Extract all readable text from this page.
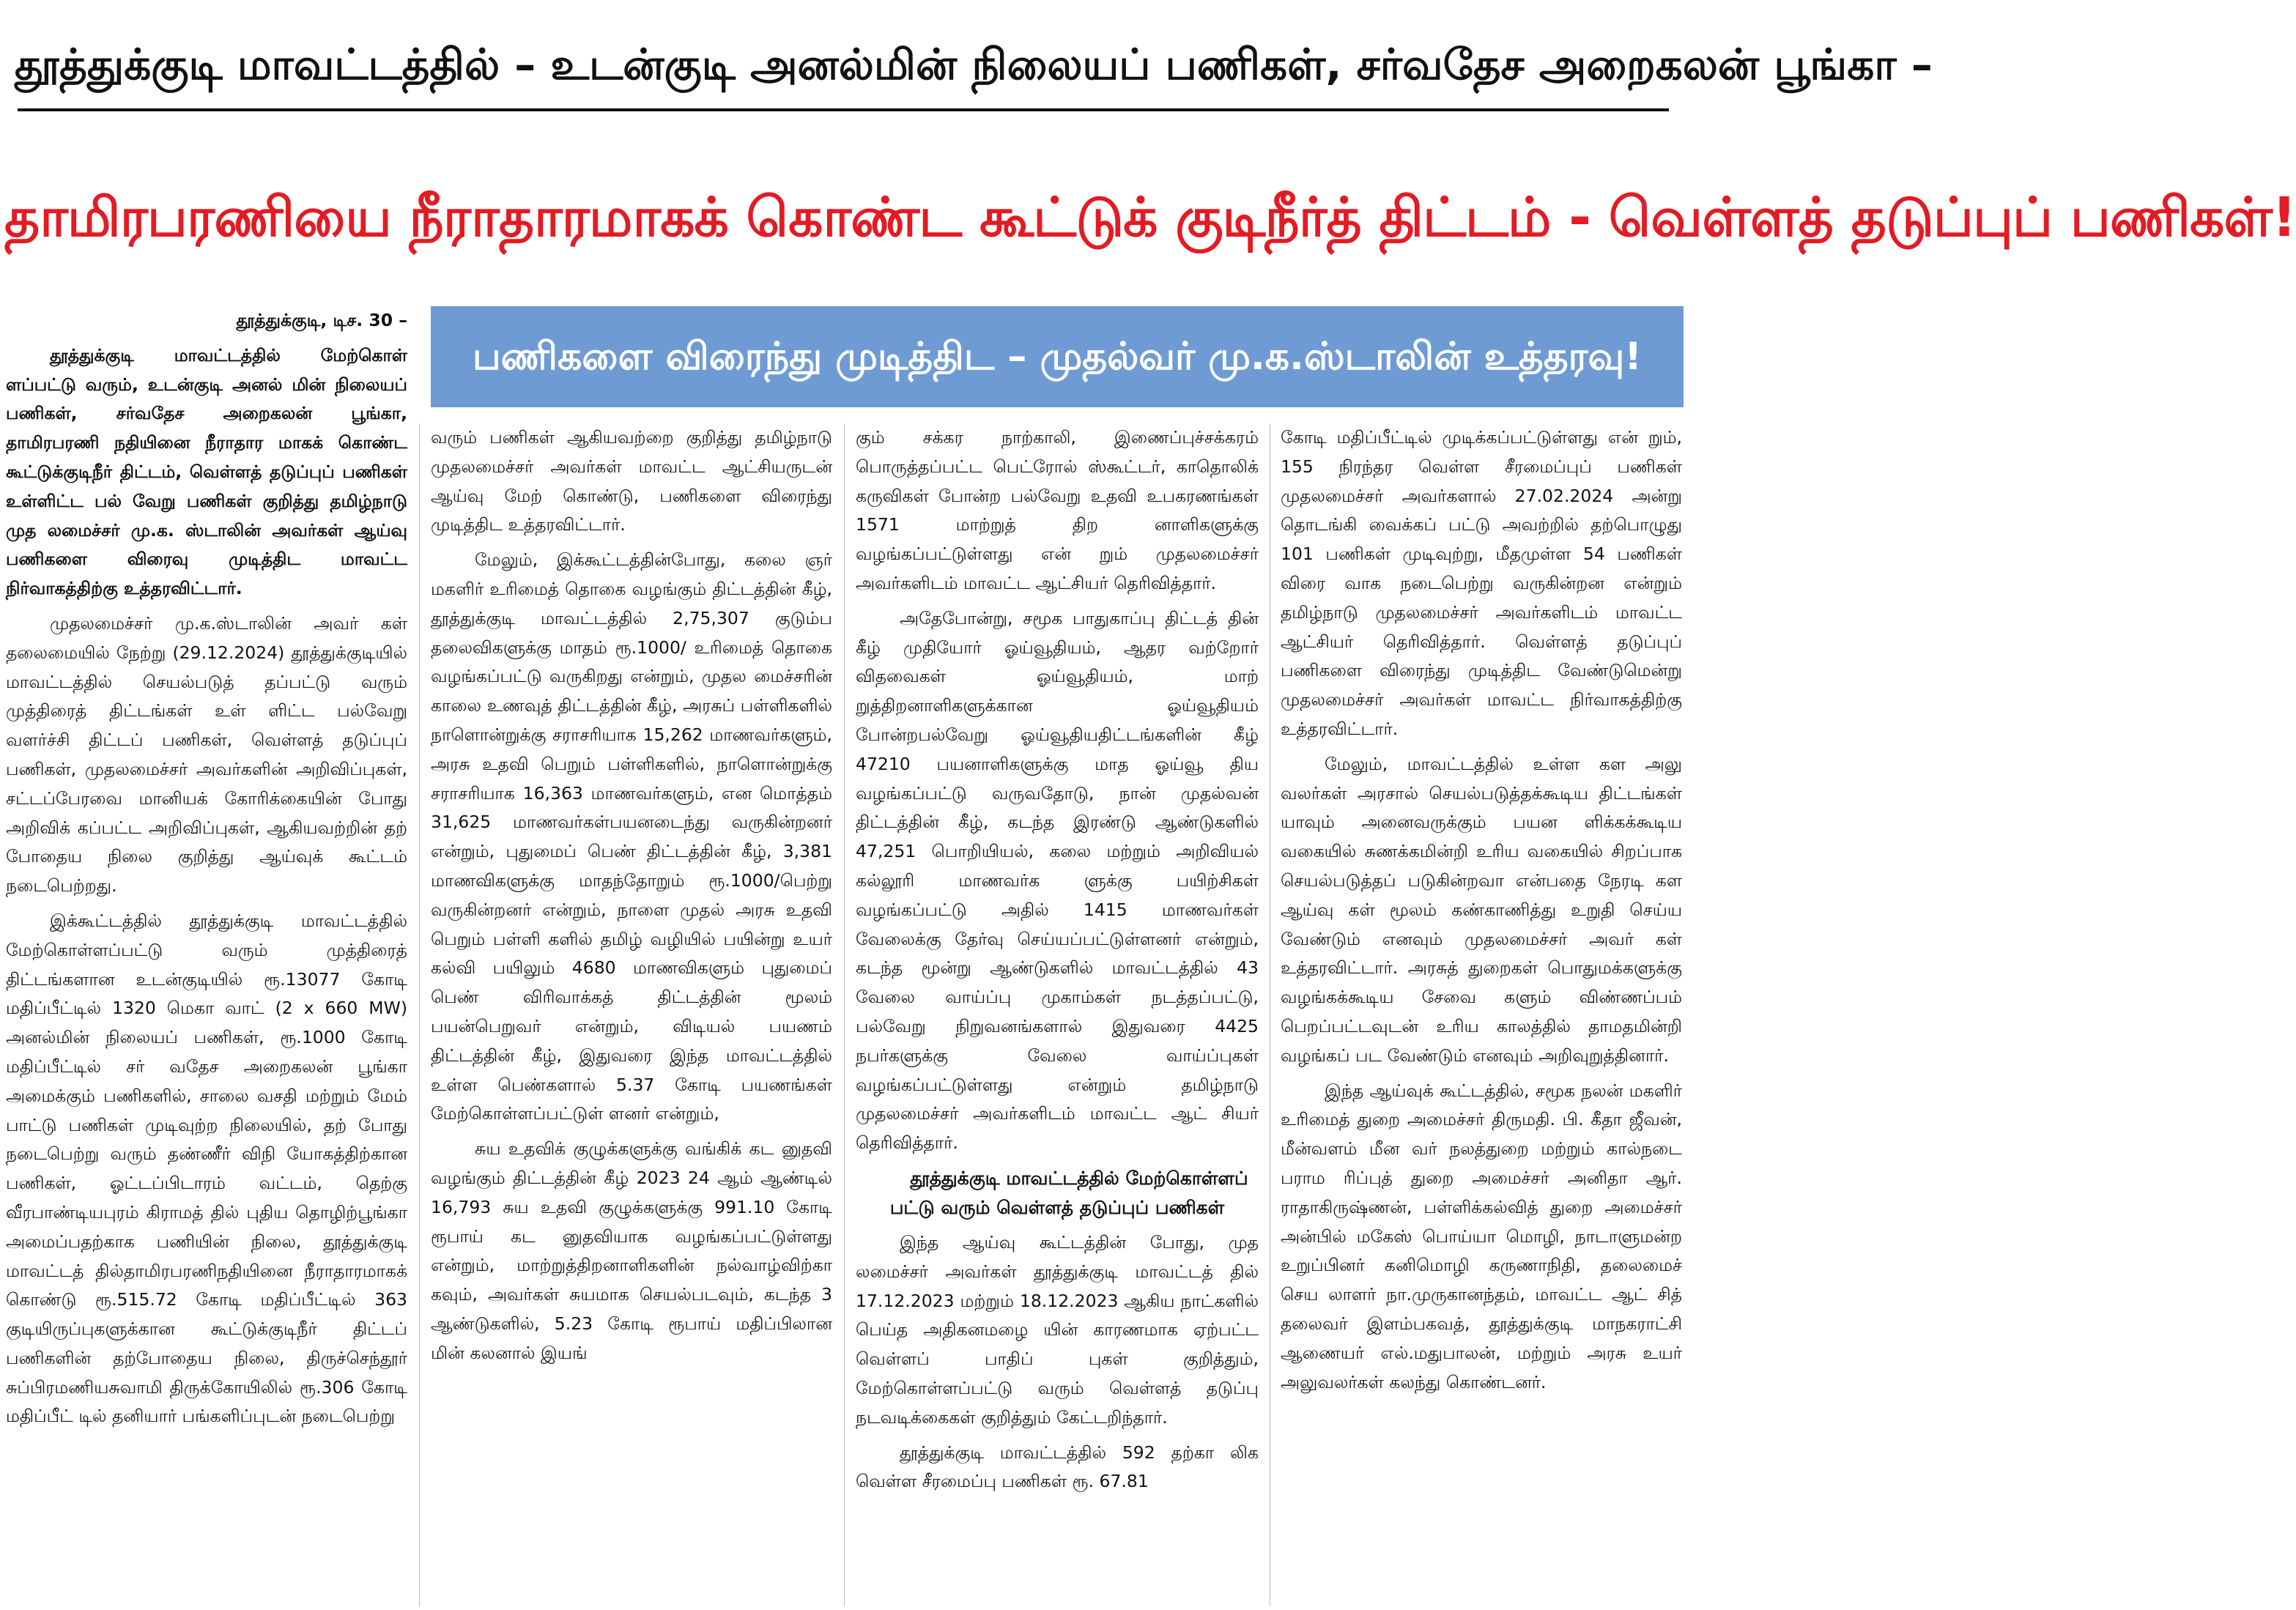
தூத்துக்குடி மாவட்டத்தில் – உடன்குடி அனல்மின் நிலையப் பணிகள், சர்வதேச அறைகலன் பூங்கா –
தாமிரபரணியை நீராதாரமாகக் கொண்ட கூட்டுக் குடிநீர்த் திட்டம் - வெள்ளத் தடுப்புப் பணிகள்!
பணிகளை விரைந்து முடித்திட – முதல்வர் மு.க.ஸ்டாலின் உத்தரவு!

தூத்துக்குடி, டிச. 30 –

தூத்துக்குடி மாவட்டத்தில் மேற்கொள் ளப்பட்டு வரும், உடன்குடி அனல் மின் நிலையப் பணிகள், சர்வதேச அறைகலன் பூங்கா, தாமிரபரணி நதியினை நீராதார மாகக் கொண்ட கூட்டுக்குடிநீர் திட்டம், வெள்ளத் தடுப்புப் பணிகள் உள்ளிட்ட பல் வேறு பணிகள் குறித்து தமிழ்நாடு முத லமைச்சர் மு.க. ஸ்டாலின் அவர்கள் ஆய்வு பணிகளை விரைவு முடித்திட மாவட்ட நிர்வாகத்திற்கு உத்தரவிட்டார்.

முதலமைச்சர் மு.க.ஸ்டாலின் அவர் கள் தலைமையில் நேற்று (29.12.2024) தூத்துக்குடியில் மாவட்டத்தில் செயல்படுத் தப்பட்டு வரும் முத்திரைத் திட்டங்கள் உள் ளிட்ட பல்வேறு வளர்ச்சி திட்டப் பணிகள், வெள்ளத் தடுப்புப் பணிகள், முதலமைச்சர் அவர்களின் அறிவிப்புகள், சட்டப்பேரவை மானியக் கோரிக்கையின் போது அறிவிக் கப்பட்ட அறிவிப்புகள், ஆகியவற்றின் தற் போதைய நிலை குறித்து ஆய்வுக் கூட்டம் நடைபெற்றது.

இக்கூட்டத்தில் தூத்துக்குடி மாவட்டத்தில் மேற்கொள்ளப்பட்டு வரும் முத்திரைத் திட்டங்களான உடன்குடியில் ரூ.13077 கோடி மதிப்பீட்டில் 1320 மெகா வாட் (2 x 660 MW) அனல்மின் நிலையப் பணிகள், ரூ.1000 கோடி மதிப்பீட்டில் சர் வதேச அறைகலன் பூங்கா அமைக்கும் பணிகளில், சாலை வசதி மற்றும் மேம் பாட்டு பணிகள் முடிவுற்ற நிலையில், தற் போது நடைபெற்று வரும் தண்ணீர் விநி யோகத்திற்கான பணிகள், ஓட்டப்பிடாரம் வட்டம், தெற்கு வீரபாண்டியபுரம் கிராமத் தில் புதிய தொழிற்பூங்கா அமைப்பதற்காக பணியின் நிலை, தூத்துக்குடி மாவட்டத் தில்தாமிரபரணிநதியினை நீராதாரமாகக் கொண்டு ரூ.515.72 கோடி மதிப்பீட்டில் 363 குடியிருப்புகளுக்கான கூட்டுக்குடிநீர் திட்டப் பணிகளின் தற்போதைய நிலை, திருச்செந்தூர் சுப்பிரமணியசுவாமி திருக்கோயிலில் ரூ.306 கோடி மதிப்பீட் டில் தனியார் பங்களிப்புடன் நடைபெற்று

வரும் பணிகள் ஆகியவற்றை குறித்து தமிழ்நாடு முதலமைச்சர் அவர்கள் மாவட்ட ஆட்சியருடன் ஆய்வு மேற் கொண்டு, பணிகளை விரைந்து முடித்திட உத்தரவிட்டார்.

மேலும், இக்கூட்டத்தின்போது, கலை ஞர் மகளிர் உரிமைத் தொகை வழங்கும் திட்டத்தின் கீழ், தூத்துக்குடி மாவட்டத்தில் 2,75,307 குடும்ப தலைவிகளுக்கு மாதம் ரூ.1000/ உரிமைத் தொகை வழங்கப்பட்டு வருகிறது என்றும், முதல மைச்சரின் காலை உணவுத் திட்டத்தின் கீழ், அரசுப் பள்ளிகளில் நாளொன்றுக்கு சராசரியாக 15,262 மாணவர்களும், அரசு உதவி பெறும் பள்ளிகளில், நாளொன்றுக்கு சராசரியாக 16,363 மாணவர்களும், என மொத்தம் 31,625 மாணவர்கள்பயனடைந்து வருகின்றனர் என்றும், புதுமைப் பெண் திட்டத்தின் கீழ், 3,381 மாணவிகளுக்கு மாதந்தோறும் ரூ.1000/பெற்று வருகின்றனர் என்றும், நாளை முதல் அரசு உதவி பெறும் பள்ளி களில் தமிழ் வழியில் பயின்று உயர் கல்வி பயிலும் 4680 மாணவிகளும் புதுமைப் பெண் விரிவாக்கத் திட்டத்தின் மூலம் பயன்பெறுவர் என்றும், விடியல் பயணம் திட்டத்தின் கீழ், இதுவரை இந்த மாவட்டத்தில் உள்ள பெண்களால் 5.37 கோடி பயணங்கள் மேற்கொள்ளப்பட்டுள் ளனர் என்றும்,

சுய உதவிக் குழுக்களுக்கு வங்கிக் கட னுதவி வழங்கும் திட்டத்தின் கீழ் 2023 24 ஆம் ஆண்டில் 16,793 சுய உதவி குழுக்களுக்கு 991.10 கோடி ரூபாய் கட னுதவியாக வழங்கப்பட்டுள்ளது என்றும், மாற்றுத்திறனாளிகளின் நல்வாழ்விற்கா கவும், அவர்கள் சுயமாக செயல்படவும், கடந்த 3 ஆண்டுகளில், 5.23 கோடி ரூபாய் மதிப்பிலான மின் கலனால் இயங்

கும் சக்கர நாற்காலி, இணைப்புச்சக்கரம் பொருத்தப்பட்ட பெட்ரோல் ஸ்கூட்டர், காதொலிக் கருவிகள் போன்ற பல்வேறு உதவி உபகரணங்கள் 1571 மாற்றுத் திற னாளிகளுக்கு வழங்கப்பட்டுள்ளது என் றும் முதலமைச்சர் அவர்களிடம் மாவட்ட ஆட்சியர் தெரிவித்தார்.

அதேபோன்று, சமூக பாதுகாப்பு திட்டத் தின் கீழ் முதியோர் ஓய்வூதியம், ஆதர வற்றோர் விதவைகள் ஓய்வூதியம், மாற் றுத்திறனாளிகளுக்கான ஓய்வூதியம் போன்றபல்வேறு ஓய்வூதியதிட்டங்களின் கீழ் 47210 பயனாளிகளுக்கு மாத ஓய்வூ திய வழங்கப்பட்டு வருவதோடு, நான் முதல்வன் திட்டத்தின் கீழ், கடந்த இரண்டு ஆண்டுகளில் 47,251 பொறியியல், கலை மற்றும் அறிவியல் கல்லூரி மாணவர்க ளுக்கு பயிற்சிகள் வழங்கப்பட்டு அதில் 1415 மாணவர்கள் வேலைக்கு தேர்வு செய்யப்பட்டுள்ளனர் என்றும், கடந்த மூன்று ஆண்டுகளில் மாவட்டத்தில் 43 வேலை வாய்ப்பு முகாம்கள் நடத்தப்பட்டு, பல்வேறு நிறுவனங்களால் இதுவரை 4425 நபர்களுக்கு வேலை வாய்ப்புகள் வழங்கப்பட்டுள்ளது என்றும் தமிழ்நாடு முதலமைச்சர் அவர்களிடம் மாவட்ட ஆட் சியர் தெரிவித்தார்.

தூத்துக்குடி மாவட்டத்தில் மேற்கொள்ளப் பட்டு வரும் வெள்ளத் தடுப்புப் பணிகள்

இந்த ஆய்வு கூட்டத்தின் போது, முத லமைச்சர் அவர்கள் தூத்துக்குடி மாவட்டத் தில் 17.12.2023 மற்றும் 18.12.2023 ஆகிய நாட்களில் பெய்த அதிகனமழை யின் காரணமாக ஏற்பட்ட வெள்ளப் பாதிப் புகள் குறித்தும், மேற்கொள்ளப்பட்டு வரும் வெள்ளத் தடுப்பு நடவடிக்கைகள் குறித்தும் கேட்டறிந்தார்.

தூத்துக்குடி மாவட்டத்தில் 592 தற்கா லிக வெள்ள சீரமைப்பு பணிகள் ரூ. 67.81

கோடி மதிப்பீட்டில் முடிக்கப்பட்டுள்ளது என் றும், 155 நிரந்தர வெள்ள சீரமைப்புப் பணிகள் முதலமைச்சர் அவர்களால் 27.02.2024 அன்று தொடங்கி வைக்கப் பட்டு அவற்றில் தற்பொழுது 101 பணிகள் முடிவுற்று, மீதமுள்ள 54 பணிகள் விரை வாக நடைபெற்று வருகின்றன என்றும் தமிழ்நாடு முதலமைச்சர் அவர்களிடம் மாவட்ட ஆட்சியர் தெரிவித்தார். வெள்ளத் தடுப்புப் பணிகளை விரைந்து முடித்திட வேண்டுமென்று முதலமைச்சர் அவர்கள் மாவட்ட நிர்வாகத்திற்கு உத்தரவிட்டார்.

மேலும், மாவட்டத்தில் உள்ள கள அலு வலர்கள் அரசால் செயல்படுத்தக்கூடிய திட்டங்கள் யாவும் அனைவருக்கும் பயன ளிக்கக்கூடிய வகையில் சுணக்கமின்றி உரிய வகையில் சிறப்பாக செயல்படுத்தப் படுகின்றவா என்பதை நேரடி கள ஆய்வு கள் மூலம் கண்காணித்து உறுதி செய்ய வேண்டும் எனவும் முதலமைச்சர் அவர் கள் உத்தரவிட்டார். அரசுத் துறைகள் பொதுமக்களுக்கு வழங்கக்கூடிய சேவை களும் விண்ணப்பம் பெறப்பட்டவுடன் உரிய காலத்தில் தாமதமின்றி வழங்கப் பட வேண்டும் எனவும் அறிவுறுத்தினார்.

இந்த ஆய்வுக் கூட்டத்தில், சமூக நலன் மகளிர் உரிமைத் துறை அமைச்சர் திருமதி. பி. கீதா ஜீவன், மீன்வளம் மீன வர் நலத்துறை மற்றும் கால்நடை பராம ரிப்புத் துறை அமைச்சர் அனிதா ஆர். ராதாகிருஷ்ணன், பள்ளிக்கல்வித் துறை அமைச்சர் அன்பில் மகேஸ் பொய்யா மொழி, நாடாளுமன்ற உறுப்பினர் கனிமொழி கருணாநிதி, தலைமைச் செய லாளர் நா.முருகானந்தம், மாவட்ட ஆட் சித் தலைவர் இளம்பகவத், தூத்துக்குடி மாநகராட்சி ஆணையர் எல்.மதுபாலன், மற்றும் அரசு உயர் அலுவலர்கள் கலந்து கொண்டனர்.
